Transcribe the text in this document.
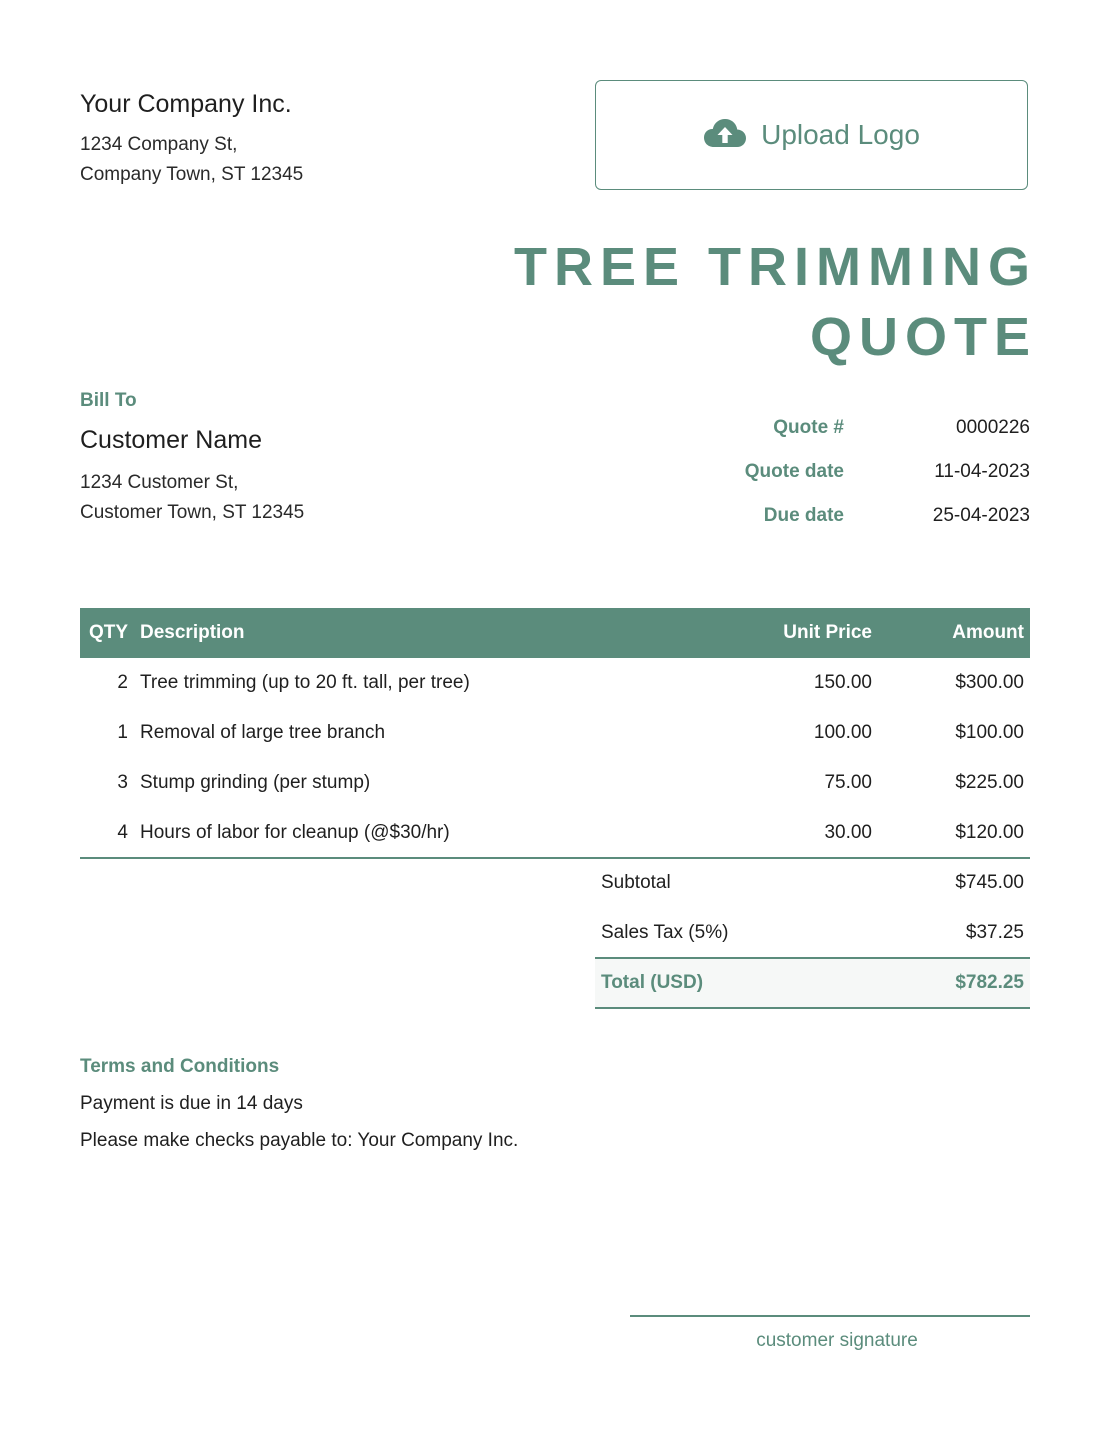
Your Company Inc.
1234 Company St,
Company Town, ST 12345
Upload Logo
TREE TRIMMING
QUOTE
Bill To
Customer Name
1234 Customer St,
Customer Town, ST 12345
Quote #	0000226
Quote date	11-04-2023
Due date	25-04-2023
QTY	Description	Unit Price	Amount
2	Tree trimming (up to 20 ft. tall, per tree)	150.00	$300.00
1	Removal of large tree branch	100.00	$100.00
3	Stump grinding (per stump)	75.00	$225.00
4	Hours of labor for cleanup (@$30/hr)	30.00	$120.00
Subtotal	$745.00
Sales Tax (5%)	$37.25
Total (USD)	$782.25
Terms and Conditions
Payment is due in 14 days
Please make checks payable to: Your Company Inc.
customer signature
